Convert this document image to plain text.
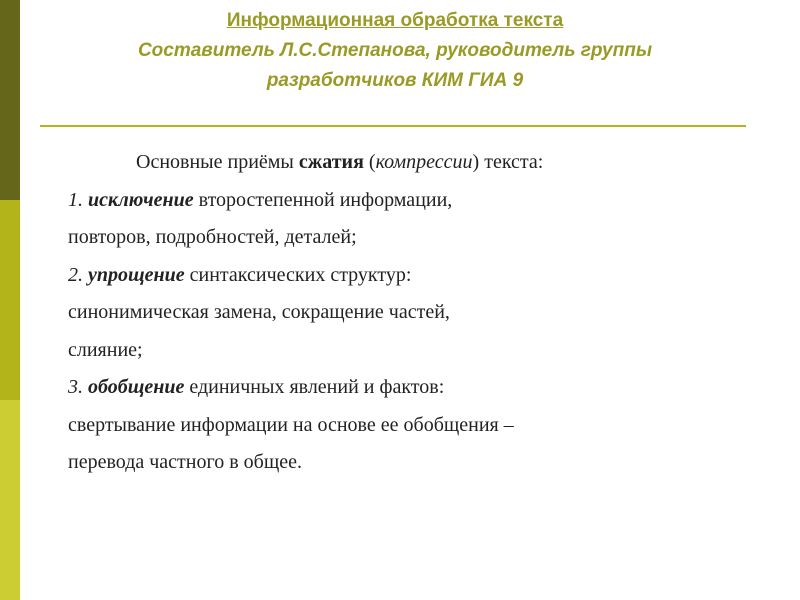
Информационная обработка текста
Составитель Л.С.Степанова, руководитель группы
разработчиков КИМ ГИА 9
Основные приёмы сжатия (компрессии) текста:
1. исключение второстепенной информации,
повторов, подробностей, деталей;
2. упрощение синтаксических структур:
синонимическая замена, сокращение частей,
слияние;
3. обобщение единичных явлений и фактов:
свертывание информации на основе ее обобщения –
перевода частного в общее.
